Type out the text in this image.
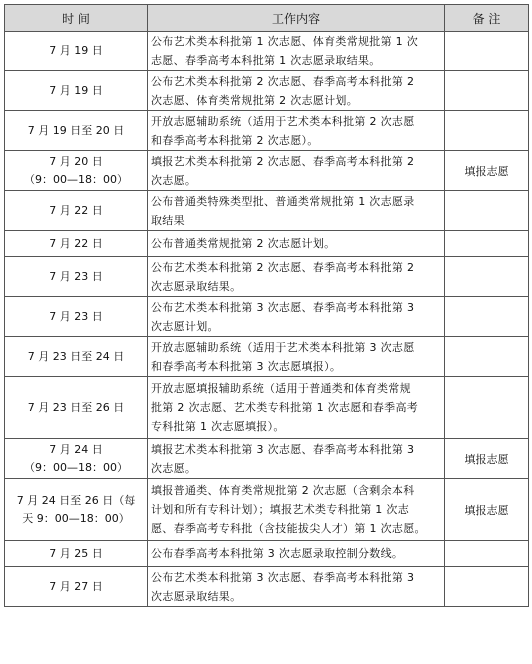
时 间	工作内容	备 注

7 月 19 日	公布艺术类本科批第 1 次志愿、体育类常规批第 1 次
志愿、春季高考本科批第 1 次志愿录取结果。	

7 月 19 日	公布艺术类本科批第 2 次志愿、春季高考本科批第 2
次志愿、体育类常规批第 2 次志愿计划。	

7 月 19 日至 20 日	开放志愿辅助系统（适用于艺术类本科批第 2 次志愿
和春季高考本科批第 2 次志愿）。	

7 月 20 日
（9：00—18：00）	填报艺术类本科批第 2 次志愿、春季高考本科批第 2
次志愿。	填报志愿

7 月 22 日	公布普通类特殊类型批、普通类常规批第 1 次志愿录
取结果	

7 月 22 日	公布普通类常规批第 2 次志愿计划。	

7 月 23 日	公布艺术类本科批第 2 次志愿、春季高考本科批第 2
次志愿录取结果。	

7 月 23 日	公布艺术类本科批第 3 次志愿、春季高考本科批第 3
次志愿计划。	

7 月 23 日至 24 日	开放志愿辅助系统（适用于艺术类本科批第 3 次志愿
和春季高考本科批第 3 次志愿填报）。	

7 月 23 日至 26 日	开放志愿填报辅助系统（适用于普通类和体育类常规
批第 2 次志愿、艺术类专科批第 1 次志愿和春季高考
专科批第 1 次志愿填报）。	

7 月 24 日
（9：00—18：00）	填报艺术类本科批第 3 次志愿、春季高考本科批第 3
次志愿。	填报志愿

7 月 24 日至 26 日（每
天 9：00—18：00）	填报普通类、体育类常规批第 2 次志愿（含剩余本科
计划和所有专科计划）；填报艺术类专科批第 1 次志
愿、春季高考专科批（含技能拔尖人才）第 1 次志愿。	填报志愿

7 月 25 日	公布春季高考本科批第 3 次志愿录取控制分数线。	

7 月 27 日	公布艺术类本科批第 3 次志愿、春季高考本科批第 3
次志愿录取结果。	
